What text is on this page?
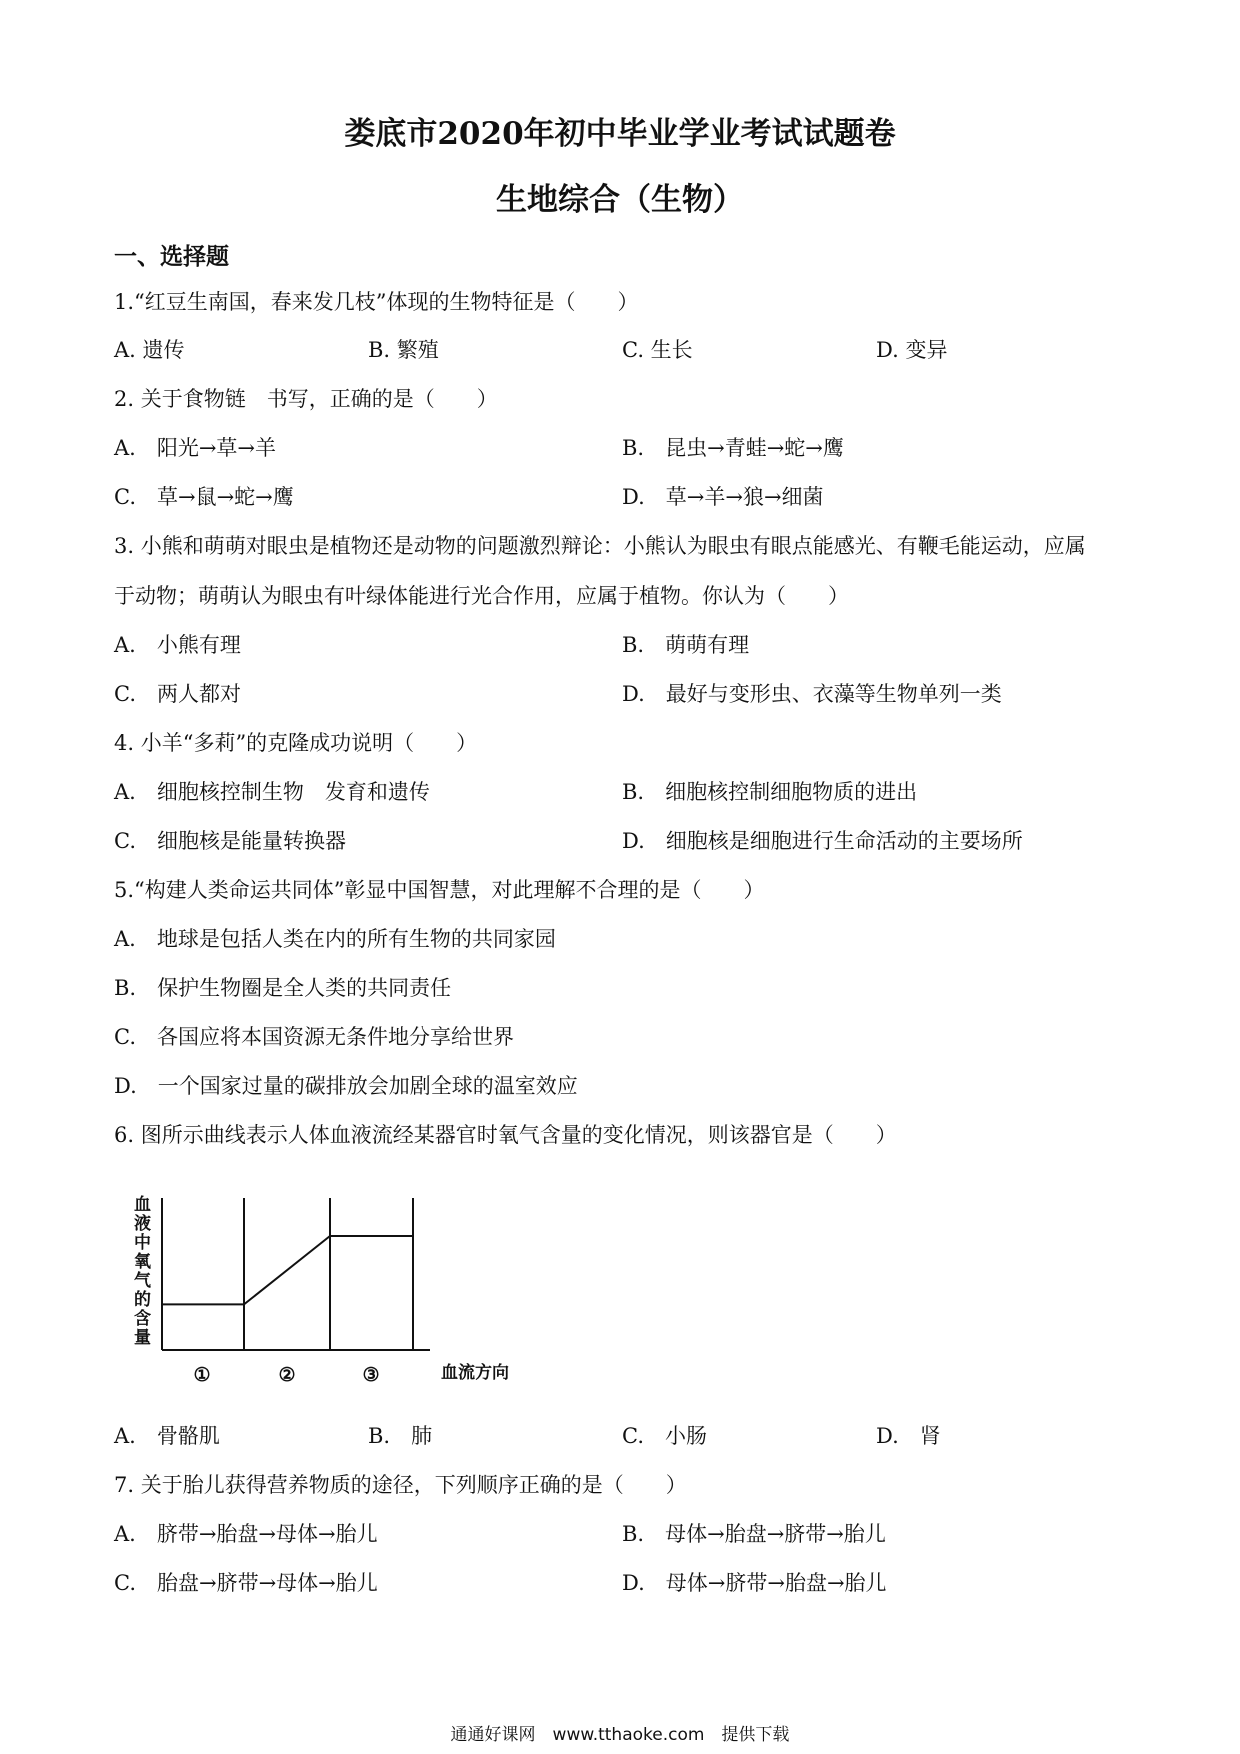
娄底市2020年初中毕业学业考试试题卷
生地综合（生物）
一、选择题
1.“红豆生南国，春来发几枝”体现的生物特征是（　　）
A. 遗传	B. 繁殖	C. 生长	D. 变异
2. 关于食物链　书写，正确的是（　　）
A.　阳光→草→羊	B.　昆虫→青蛙→蛇→鹰
C.　草→鼠→蛇→鹰	D.　草→羊→狼→细菌
3. 小熊和萌萌对眼虫是植物还是动物的问题激烈辩论：小熊认为眼虫有眼点能感光、有鞭毛能运动，应属
于动物；萌萌认为眼虫有叶绿体能进行光合作用，应属于植物。你认为（　　）
A.　小熊有理	B.　萌萌有理
C.　两人都对	D.　最好与变形虫、衣藻等生物单列一类
4. 小羊“多莉”的克隆成功说明（　　）
A.　细胞核控制生物　发育和遗传	B.　细胞核控制细胞物质的进出
C.　细胞核是能量转换器	D.　细胞核是细胞进行生命活动的主要场所
5.“构建人类命运共同体”彰显中国智慧，对此理解不合理的是（　　）
A.　地球是包括人类在内的所有生物的共同家园
B.　保护生物圈是全人类的共同责任
C.　各国应将本国资源无条件地分享给世界
D.　一个国家过量的碳排放会加剧全球的温室效应
6. 图所示曲线表示人体血液流经某器官时氧气含量的变化情况，则该器官是（　　）
血液中氧气的含量
①	②	③	血流方向
A.　骨骼肌	B.　肺	C.　小肠	D.　肾
7. 关于胎儿获得营养物质的途径，下列顺序正确的是（　　）
A.　脐带→胎盘→母体→胎儿	B.　母体→胎盘→脐带→胎儿
C.　胎盘→脐带→母体→胎儿	D.　母体→脐带→胎盘→胎儿
通通好课网　www.tthaoke.com　提供下载
